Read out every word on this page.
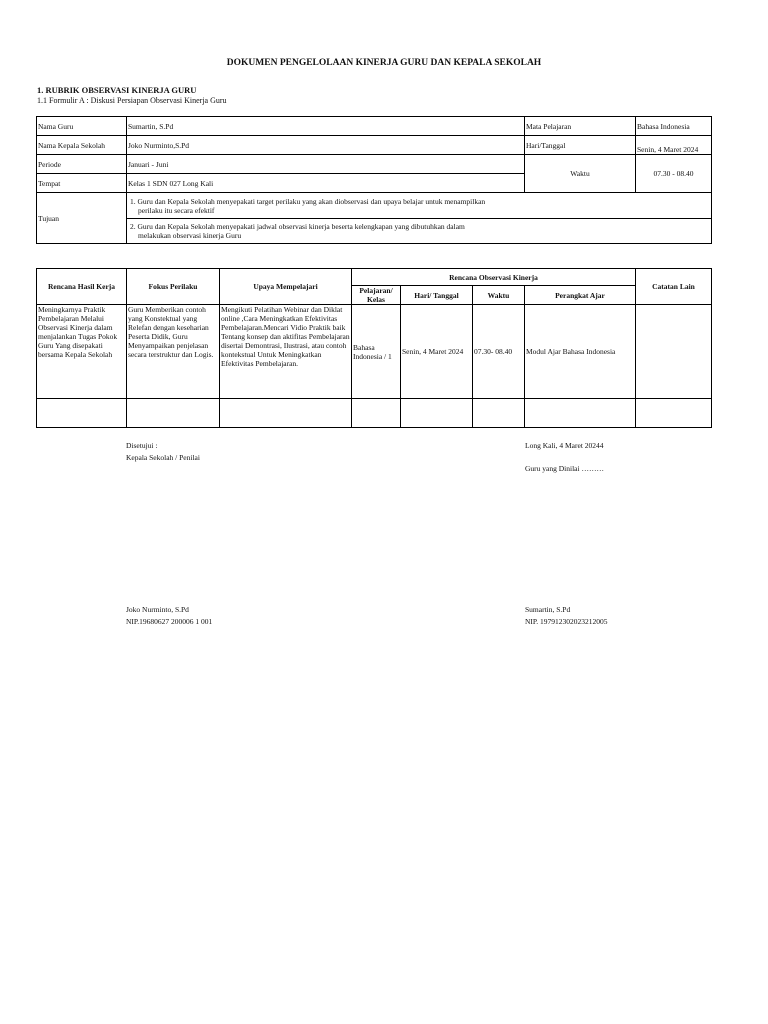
DOKUMEN PENGELOLAAN KINERJA GURU DAN KEPALA SEKOLAH
1. RUBRIK OBSERVASI KINERJA GURU
1.1 Formulir A : Diskusi Persiapan Observasi Kinerja Guru
Nama Guru	Sumartin, S.Pd	Mata Pelajaran	Bahasa Indonesia
Nama Kepala Sekolah	Joko Nurminto,S.Pd	Hari/Tanggal	Senin, 4 Maret 2024
Periode	Januari - Juni	Waktu	07.30 - 08.40
Tempat	Kelas 1 SDN 027 Long Kali		
Tujuan	1. Guru dan Kepala Sekolah menyepakati target perilaku yang akan diobservasi dan upaya belajar untuk menampilkan
perilaku itu secara efektif		

	2. Guru dan Kepala Sekolah menyepakati jadwal observasi kinerja beserta kelengkapan yang dibutuhkan dalam
melakukan observasi kinerja Guru		
Rencana Hasil Kerja	Fokus Perilaku	Upaya Mempelajari	Rencana Observasi Kinerja				Catatan Lain
			Pelajaran/ Kelas	Hari/ Tanggal	Waktu	Perangkat Ajar	
Meningkarnya Praktik Pembelajaran Melalui Observasi Kinerja dalam menjalankan Tugas Pokok Guru Yang disepakati bersama Kepala Sekolah	Guru Memberikan contoh yang Konstektual yang Relefan dengan keseharian Peserta Didik, Guru Menyampaikan penjelasan secara terstruktur dan Logis.	Mengikuti Pelatihan Webinar dan Diklat online ,Cara Meningkatkan Efektivitas Pembelajaran.Mencari Vidio Praktik baik Tentang konsep dan aktifitas Pembelajaran disertai Demontrasi, Ilustrasi, atau contoh kontekstual Untuk Meningkatkan Efektivitas Pembelajaran.	Bahasa Indonesia / 1	Senin, 4 Maret 2024	07.30- 08.40	Modul Ajar Bahasa Indonesia	

Disetujui :
Kepala Sekolah / Penilai
Long Kali, 4 Maret 20244
Guru yang Dinilai ………
Joko Nurminto, S.Pd
NIP.19680627 200006 1 001
Sumartin, S.Pd
NIP. 197912302023212005
